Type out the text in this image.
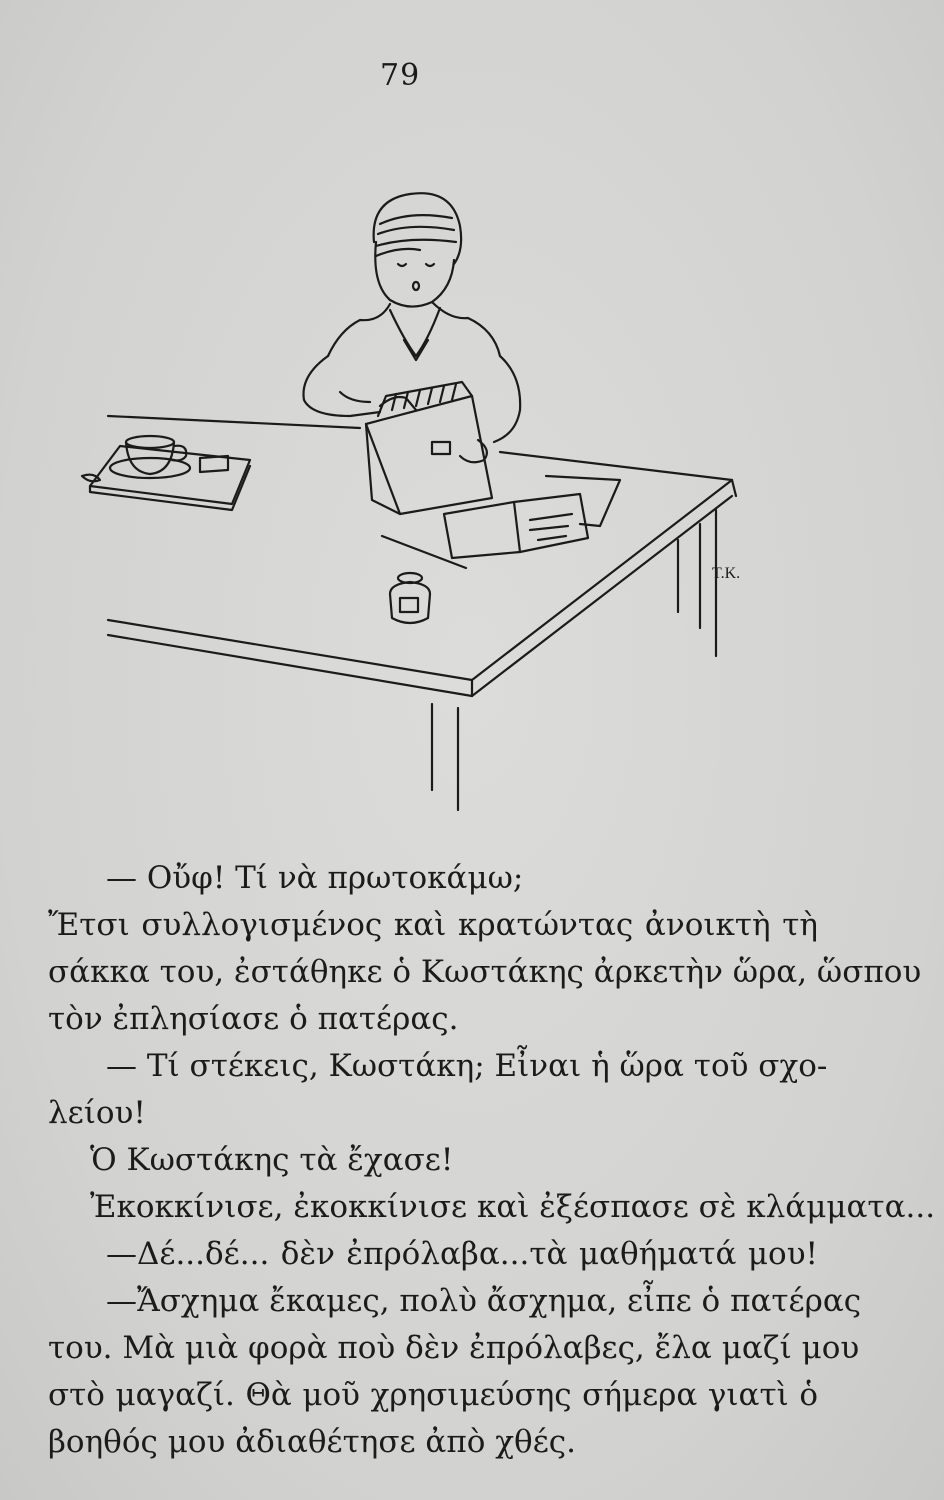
79
Τ.Κ.
— Οὔφ! Τί νὰ πρωτοκάμω;
Ἔτσι συλλογισμένος καὶ κρατώντας ἀνοικτὴ τὴ
σάκκα του, ἐστάθηκε ὁ Κωστάκης ἀρκετὴν ὥρα, ὥσπου
τὸν ἐπλησίασε ὁ πατέρας.
— Τί στέκεις, Κωστάκη; Εἶναι ἡ ὥρα τοῦ σχο-
λείου!
Ὁ Κωστάκης τὰ ἔχασε!
Ἐκοκκίνισε, ἐκοκκίνισε καὶ ἐξέσπασε σὲ κλάμματα...
—Δέ...δέ... δὲν ἐπρόλαβα...τὰ μαθήματά μου!
—Ἄσχημα ἔκαμες, πολὺ ἄσχημα, εἶπε ὁ πατέρας
του. Μὰ μιὰ φορὰ ποὺ δὲν ἐπρόλαβες, ἔλα μαζί μου
στὸ μαγαζί. Θὰ μοῦ χρησιμεύσης σήμερα γιατὶ ὁ
βοηθός μου ἀδιαθέτησε ἀπὸ χθές.
